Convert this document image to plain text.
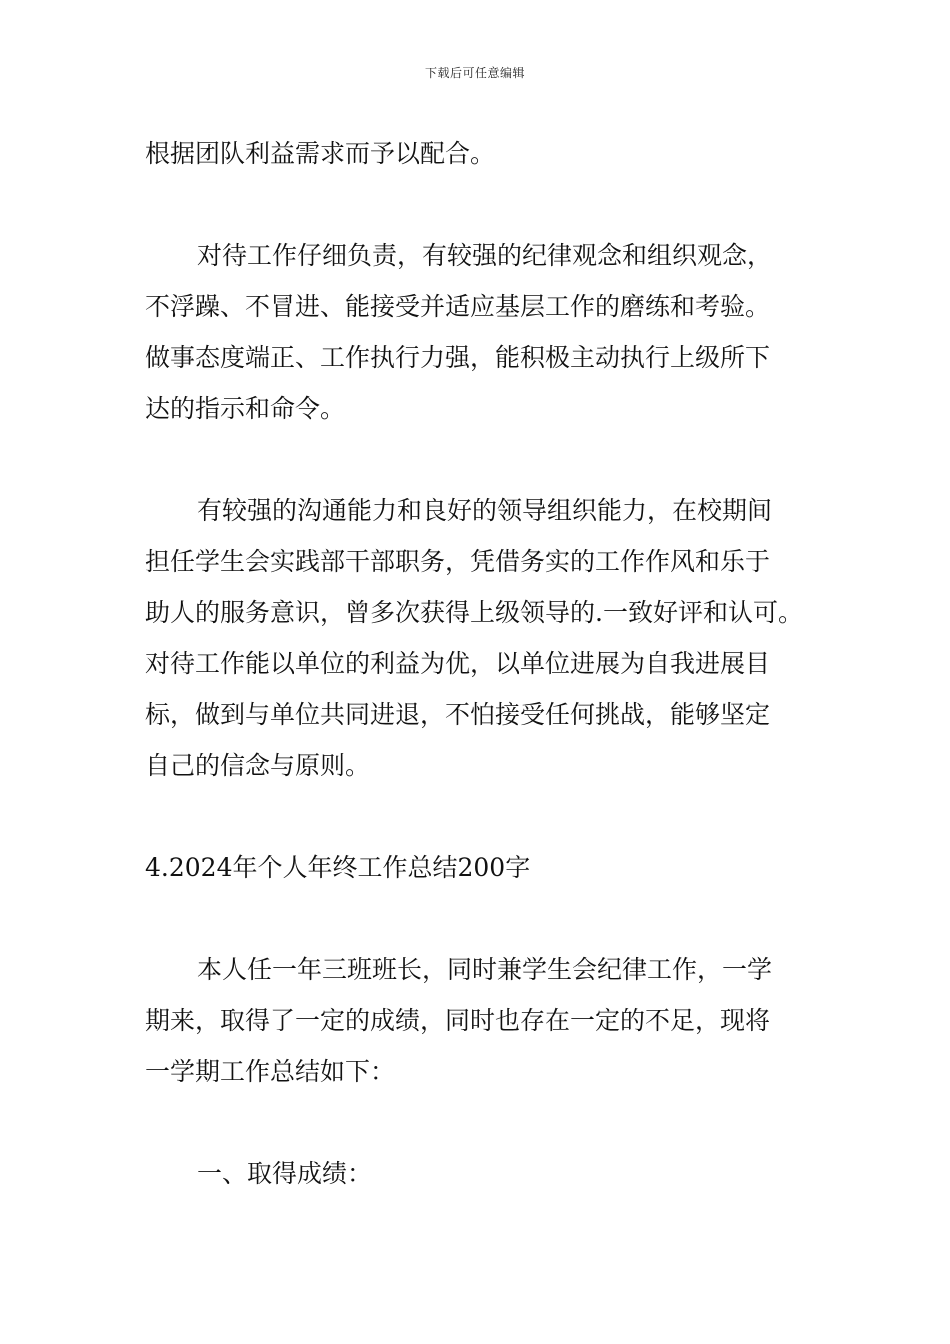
下载后可任意编辑

根据团队利益需求而予以配合。

对待工作仔细负责，有较强的纪律观念和组织观念，
不浮躁、不冒进、能接受并适应基层工作的磨练和考验。
做事态度端正、工作执行力强，能积极主动执行上级所下
达的指示和命令。

有较强的沟通能力和良好的领导组织能力，在校期间
担任学生会实践部干部职务，凭借务实的工作作风和乐于
助人的服务意识，曾多次获得上级领导的.一致好评和认可。
对待工作能以单位的利益为优，以单位进展为自我进展目
标，做到与单位共同进退，不怕接受任何挑战，能够坚定
自己的信念与原则。

4.2024年个人年终工作总结200字

本人任一年三班班长，同时兼学生会纪律工作，一学
期来，取得了一定的成绩，同时也存在一定的不足，现将
一学期工作总结如下：

一、取得成绩：
